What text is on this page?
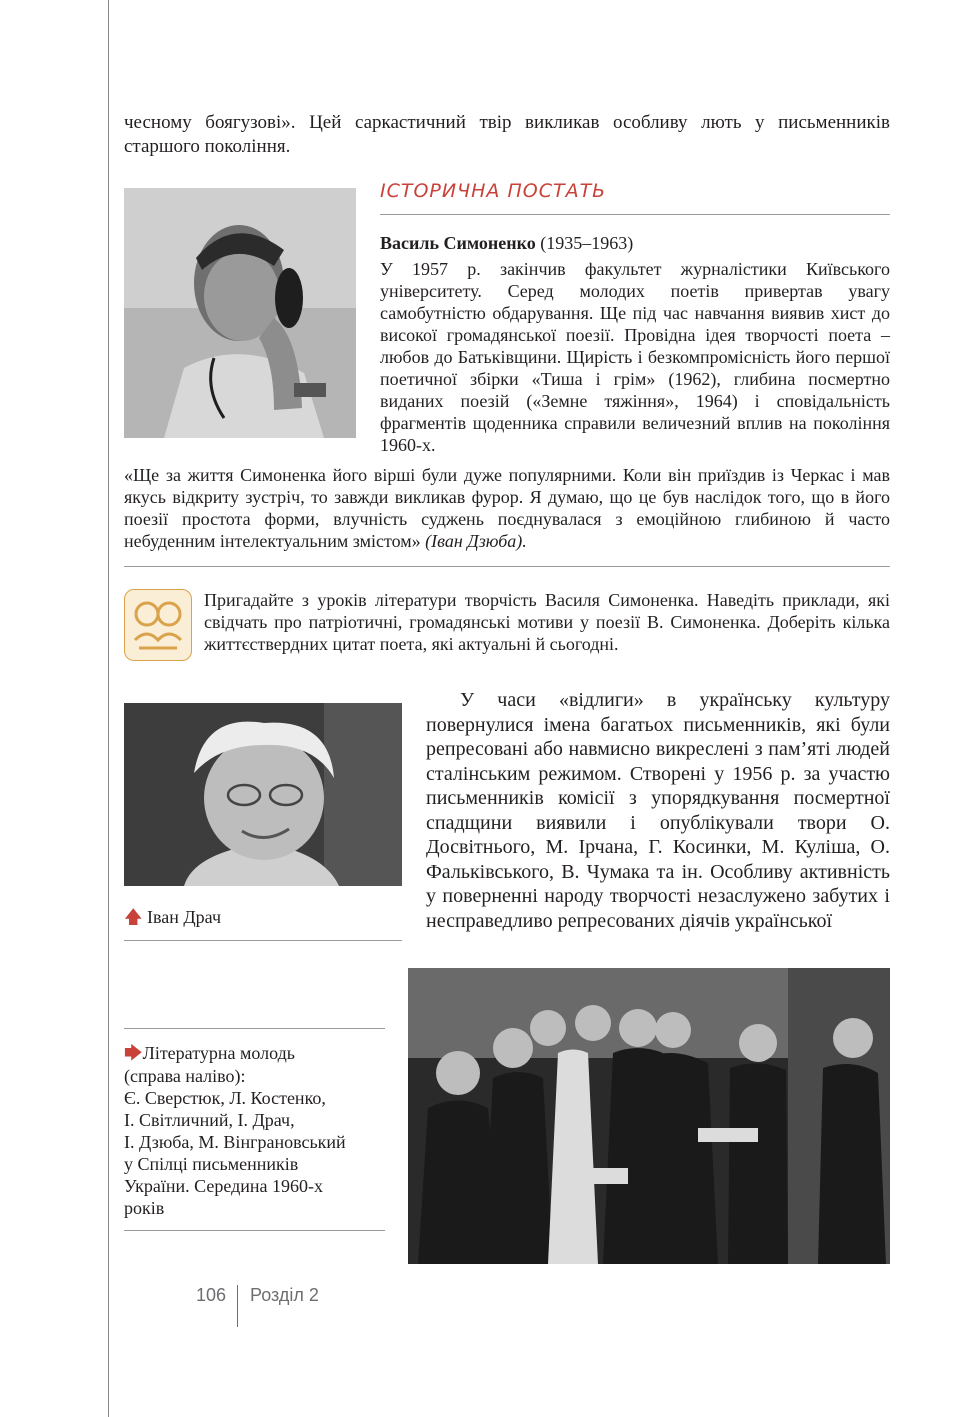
чесному боягузові». Цей саркастичний твір викликав особливу лють у письменників старшого покоління.

ІСТОРИЧНА ПОСТАТЬ
Василь Симоненко (1935–1963)

У 1957 р. закінчив факультет журналістики Київського університету. Серед молодих поетів привертав увагу самобутністю обдарування. Ще під час навчання виявив хист до високої громадянської поезії. Провідна ідея творчості поета – любов до Батьківщини. Щирість і безкомпромісність його першої поетичної збірки «Тиша і грім» (1962), глибина посмертно виданих поезій («Земне тяжіння», 1964) і сповідальність фрагментів щоденника справили величезний вплив на покоління 1960-х.

«Ще за життя Симоненка його вірші були дуже популярними. Коли він приїздив із Черкас і мав якусь відкриту зустріч, то завжди викликав фурор. Я думаю, що це був наслідок того, що в його поезії простота форми, влучність суджень поєднувалася з емоційною глибиною й часто небуденним інтелектуальним змістом» (Іван Дзюба).

Пригадайте з уроків літератури творчість Василя Симоненка. Наведіть приклади, які свідчать про патріотичні, громадянські мотиви у поезії В. Симоненка. Доберіть кілька життєствердних цитат поета, які актуальні й сьогодні.

🡅 Іван Драч

У часи «відлиги» в українську культуру повернулися імена багатьох письменників, які були репресовані або навмисно викреслені з пам’яті людей сталінським режимом. Створені у 1956 р. за участю письменників комісії з упорядкування посмертної спадщини виявили і опублікували твори О. Досвітнього, М. Ірчана, Г. Косинки, М. Куліша, О. Фальківського, В. Чумака та ін. Особливу активність у поверненні народу творчості незаслужено забутих і несправедливо репресованих діячів української

🡆Літературна молодь
(справа наліво):
Є. Сверстюк, Л. Костенко,
І. Світличний, І. Драч,
І. Дзюба, М. Вінграновський
у Спілці письменників
України. Середина 1960-х
років
106 Розділ 2
